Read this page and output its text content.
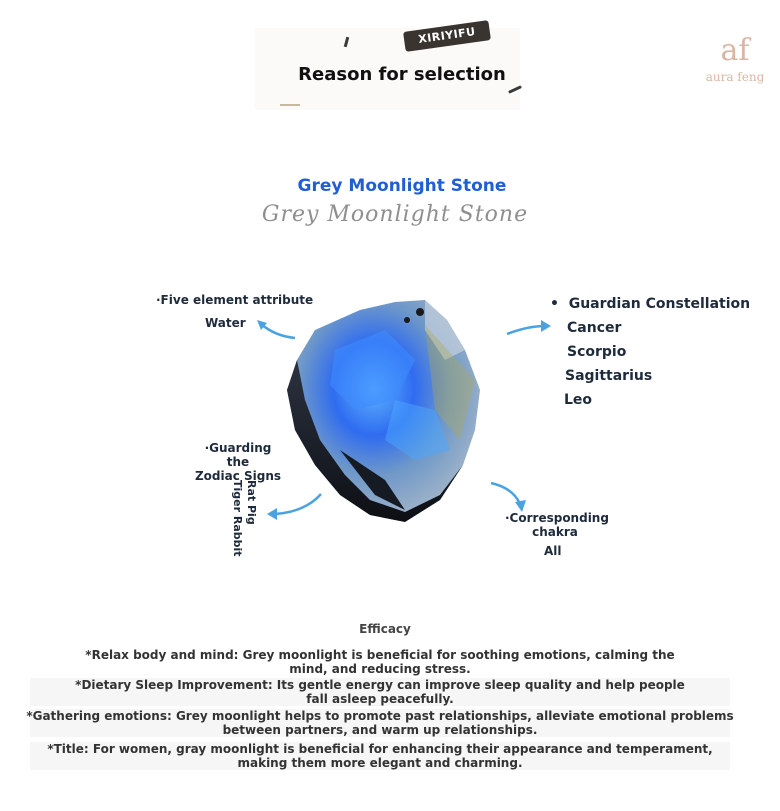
XIRIYIFU
Reason for selection
af
aura feng
Grey Moonlight Stone
Grey Moonlight Stone
·Five element attribute
Water
•  Guardian Constellation
Cancer
Scorpio
Sagittarius
Leo
·Guarding the
Zodiac Signs
Rat Pig Tiger Rabbit	·Corresponding
chakra
All
Efficacy
*Relax body and mind: Grey moonlight is beneficial for soothing emotions, calming the
mind, and reducing stress.
*Dietary Sleep Improvement: Its gentle energy can improve sleep quality and help people
fall asleep peacefully.
*Gathering emotions: Grey moonlight helps to promote past relationships, alleviate emotional problems
between partners, and warm up relationships.
*Title: For women, gray moonlight is beneficial for enhancing their appearance and temperament,
making them more elegant and charming.
